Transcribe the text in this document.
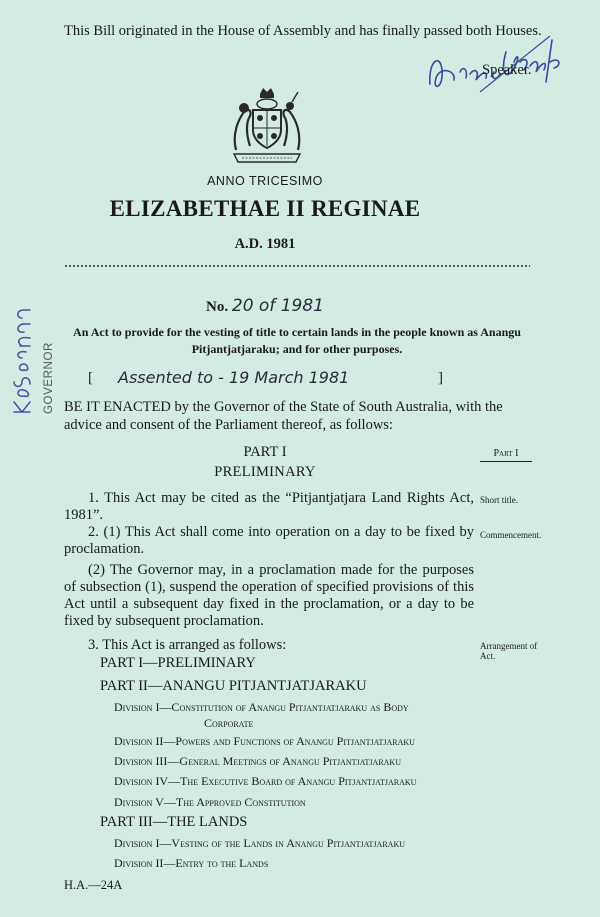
This Bill originated in the House of Assembly and has finally passed both Houses.
Speaker.
ANNO TRICESIMO
ELIZABETHAE II REGINAE
A.D. 1981
No. 20 of 1981
An Act to provide for the vesting of title to certain lands in the people known as Anangu Pitjantjatjaraku; and for other purposes.
[ Assented to - 19 March 1981	]
GOVERNOR BE IT ENACTED by the Governor of the State of South Australia, with the advice and consent of the Parliament thereof, as follows:
PART I
PRELIMINARY
Part I
1. This Act may be cited as the “Pitjantjatjara Land Rights Act, 1981”.
Short title.
2. (1) This Act shall come into operation on a day to be fixed by proclamation.
Commencement.
(2) The Governor may, in a proclamation made for the purposes of subsection (1), suspend the operation of specified provisions of this Act until a subsequent day fixed in the proclamation, or a day to be fixed by subsequent proclamation.
3. This Act is arranged as follows:	Arrangement of Act.
PART I—PRELIMINARY
PART II—ANANGU PITJANTJATJARAKU
Division I—Constitution of Anangu Pitjantjatjaraku as Body
Corporate
Division II—Powers and Functions of Anangu Pitjantjatjaraku
Division III—General Meetings of Anangu Pitjantjatjaraku
Division IV—The Executive Board of Anangu Pitjantjatjaraku
Division V—The Approved Constitution
PART III—THE LANDS
Division I—Vesting of the Lands in Anangu Pitjantjatjaraku
Division II—Entry to the Lands
H.A.—24A
